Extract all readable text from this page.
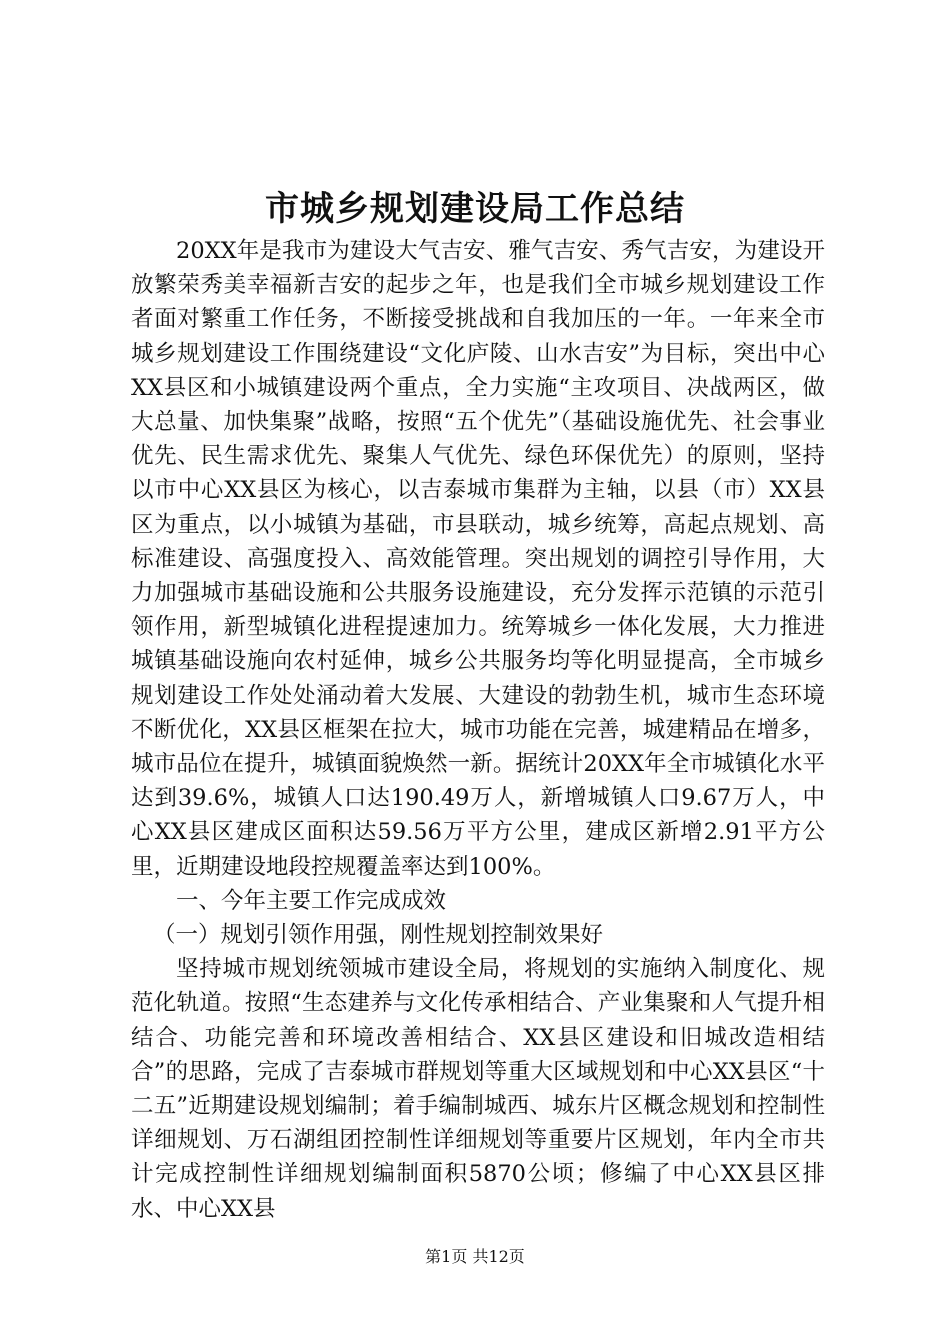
市城乡规划建设局工作总结

20XX年是我市为建设大气吉安、雅气吉安、秀气吉安，为建设开放繁荣秀美幸福新吉安的起步之年，也是我们全市城乡规划建设工作者面对繁重工作任务，不断接受挑战和自我加压的一年。一年来全市城乡规划建设工作围绕建设“文化庐陵、山水吉安”为目标，突出中心XX县区和小城镇建设两个重点，全力实施“主攻项目、决战两区，做大总量、加快集聚”战略，按照“五个优先”（基础设施优先、社会事业优先、民生需求优先、聚集人气优先、绿色环保优先）的原则，坚持以市中心XX县区为核心，以吉泰城市集群为主轴，以县（市）XX县区为重点，以小城镇为基础，市县联动，城乡统筹，高起点规划、高标准建设、高强度投入、高效能管理。突出规划的调控引导作用，大力加强城市基础设施和公共服务设施建设，充分发挥示范镇的示范引领作用，新型城镇化进程提速加力。统筹城乡一体化发展，大力推进城镇基础设施向农村延伸，城乡公共服务均等化明显提高，全市城乡规划建设工作处处涌动着大发展、大建设的勃勃生机，城市生态环境不断优化，XX县区框架在拉大，城市功能在完善，城建精品在增多，城市品位在提升，城镇面貌焕然一新。据统计20XX年全市城镇化水平达到39.6%，城镇人口达190.49万人，新增城镇人口9.67万人，中心XX县区建成区面积达59.56万平方公里，建成区新增2.91平方公里，近期建设地段控规覆盖率达到100%。

一、今年主要工作完成成效

（一）规划引领作用强，刚性规划控制效果好

坚持城市规划统领城市建设全局，将规划的实施纳入制度化、规范化轨道。按照“生态建养与文化传承相结合、产业集聚和人气提升相结合、功能完善和环境改善相结合、XX县区建设和旧城改造相结合”的思路，完成了吉泰城市群规划等重大区域规划和中心XX县区“十二五”近期建设规划编制；着手编制城西、城东片区概念规划和控制性详细规划、万石湖组团控制性详细规划等重要片区规划，年内全市共计完成控制性详细规划编制面积5870公顷；修编了中心XX县区排水、中心XX县

第1页 共12页
